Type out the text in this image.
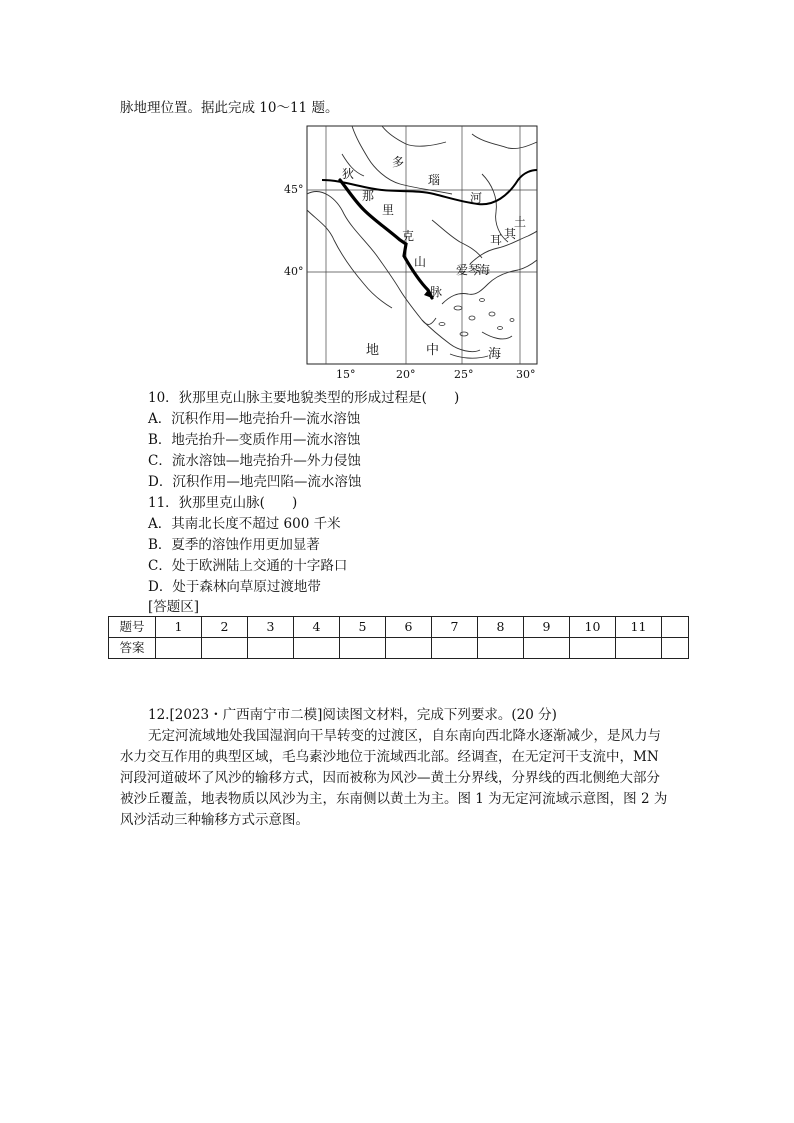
脉地理位置。据此完成 10～11 题。
45°
40°
15°	20°	25°	30°
多
瑙
河
狄
那
里
克
山
脉
土
其
耳
海
爱 琴
地	中	海
10．狄那里克山脉主要地貌类型的形成过程是(　　)
A．沉积作用—地壳抬升—流水溶蚀
B．地壳抬升—变质作用—流水溶蚀
C．流水溶蚀—地壳抬升—外力侵蚀
D．沉积作用—地壳凹陷—流水溶蚀
11．狄那里克山脉(　　)
A．其南北长度不超过 600 千米
B．夏季的溶蚀作用更加显著
C．处于欧洲陆上交通的十字路口
D．处于森林向草原过渡地带
[答题区]
题号	1	2	3	4	5	6	7	8	9	10	11	
答案												
12.[2023・广西南宁市二模]阅读图文材料，完成下列要求。(20 分)
无定河流域地处我国湿润向干旱转变的过渡区，自东南向西北降水逐渐减少，是风力与
水力交互作用的典型区域，毛乌素沙地位于流域西北部。经调查，在无定河干支流中，MN
河段河道破坏了风沙的输移方式，因而被称为风沙—黄土分界线，分界线的西北侧绝大部分
被沙丘覆盖，地表物质以风沙为主，东南侧以黄土为主。图 1 为无定河流域示意图，图 2 为
风沙活动三种输移方式示意图。
